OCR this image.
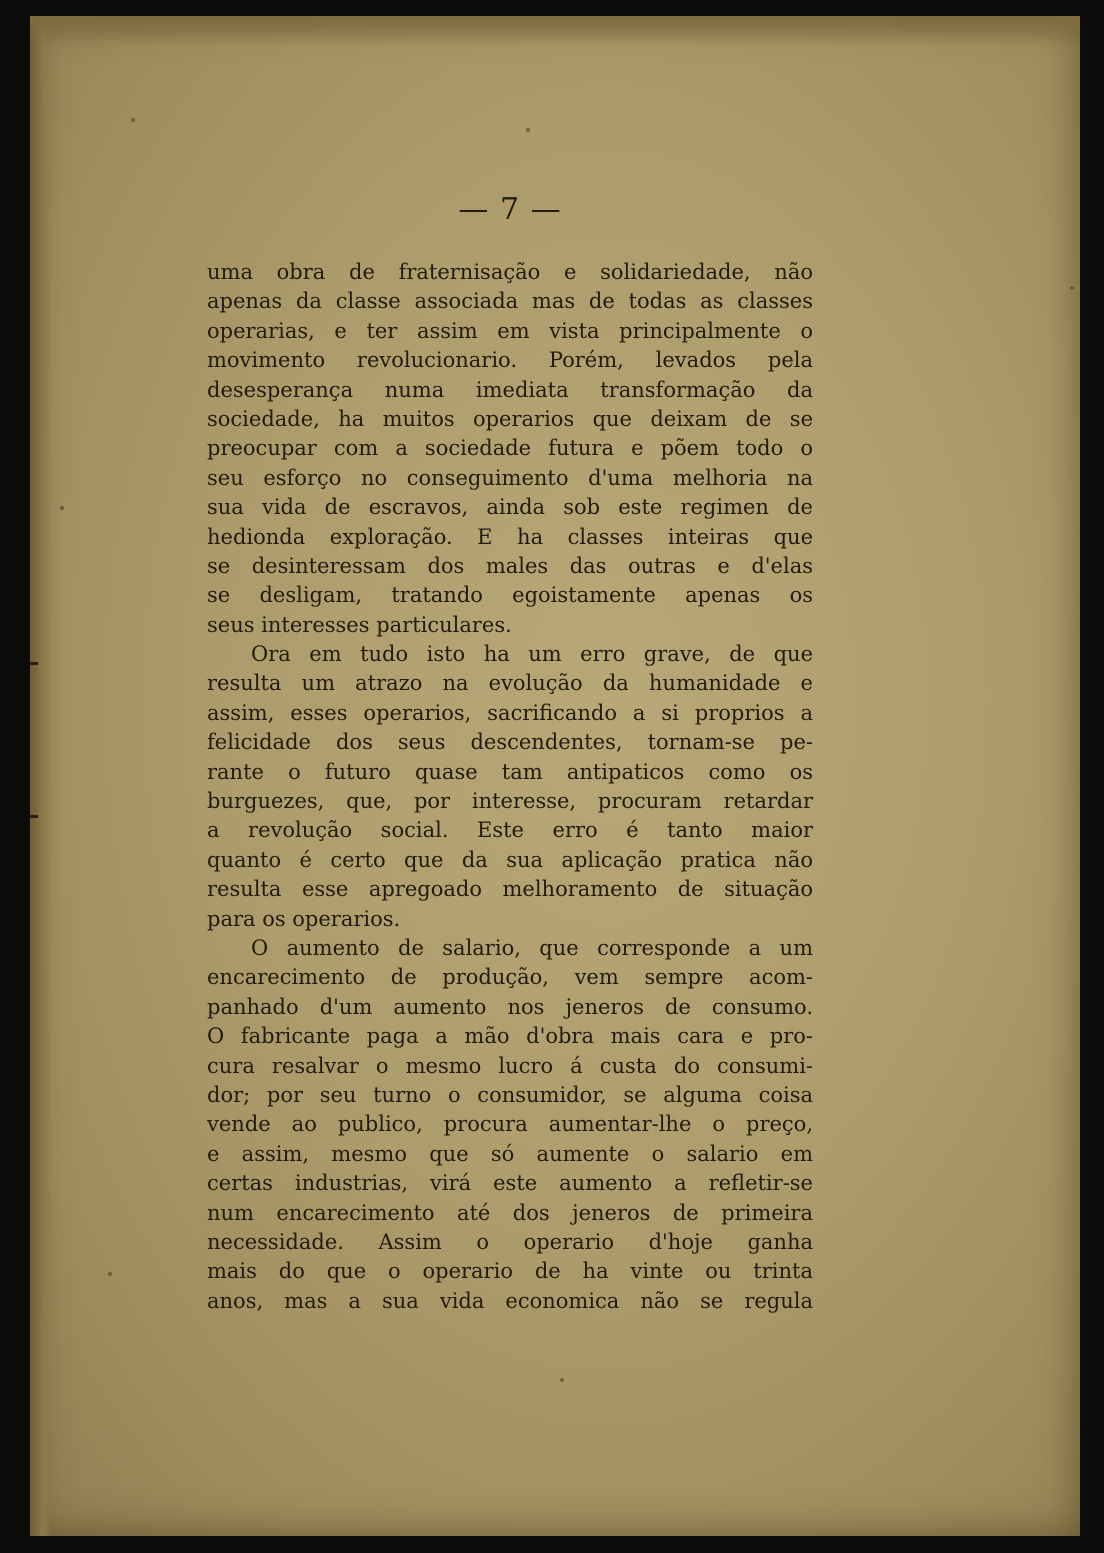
— 7 —
uma obra de fraternisação e solidariedade, não
apenas da classe associada mas de todas as classes
operarias, e ter assim em vista principalmente o
movimento revolucionario. Porém, levados pela
desesperança numa imediata transformação da
sociedade, ha muitos operarios que deixam de se
preocupar com a sociedade futura e põem todo o
seu esforço no conseguimento d'uma melhoria na
sua vida de escravos, ainda sob este regimen de
hedionda exploração. E ha classes inteiras que
se desinteressam dos males das outras e d'elas
se desligam, tratando egoistamente apenas os
seus interesses particulares.
Ora em tudo isto ha um erro grave, de que
resulta um atrazo na evolução da humanidade e
assim, esses operarios, sacrificando a si proprios a
felicidade dos seus descendentes, tornam-se pe-
rante o futuro quase tam antipaticos como os
burguezes, que, por interesse, procuram retardar
a revolução social. Este erro é tanto maior
quanto é certo que da sua aplicação pratica não
resulta esse apregoado melhoramento de situação
para os operarios.
O aumento de salario, que corresponde a um
encarecimento de produção, vem sempre acom-
panhado d'um aumento nos jeneros de consumo.
O fabricante paga a mão d'obra mais cara e pro-
cura resalvar o mesmo lucro á custa do consumi-
dor; por seu turno o consumidor, se alguma coisa
vende ao publico, procura aumentar-lhe o preço,
e assim, mesmo que só aumente o salario em
certas industrias, virá este aumento a refletir-se
num encarecimento até dos jeneros de primeira
necessidade. Assim o operario d'hoje ganha
mais do que o operario de ha vinte ou trinta
anos, mas a sua vida economica não se regula
